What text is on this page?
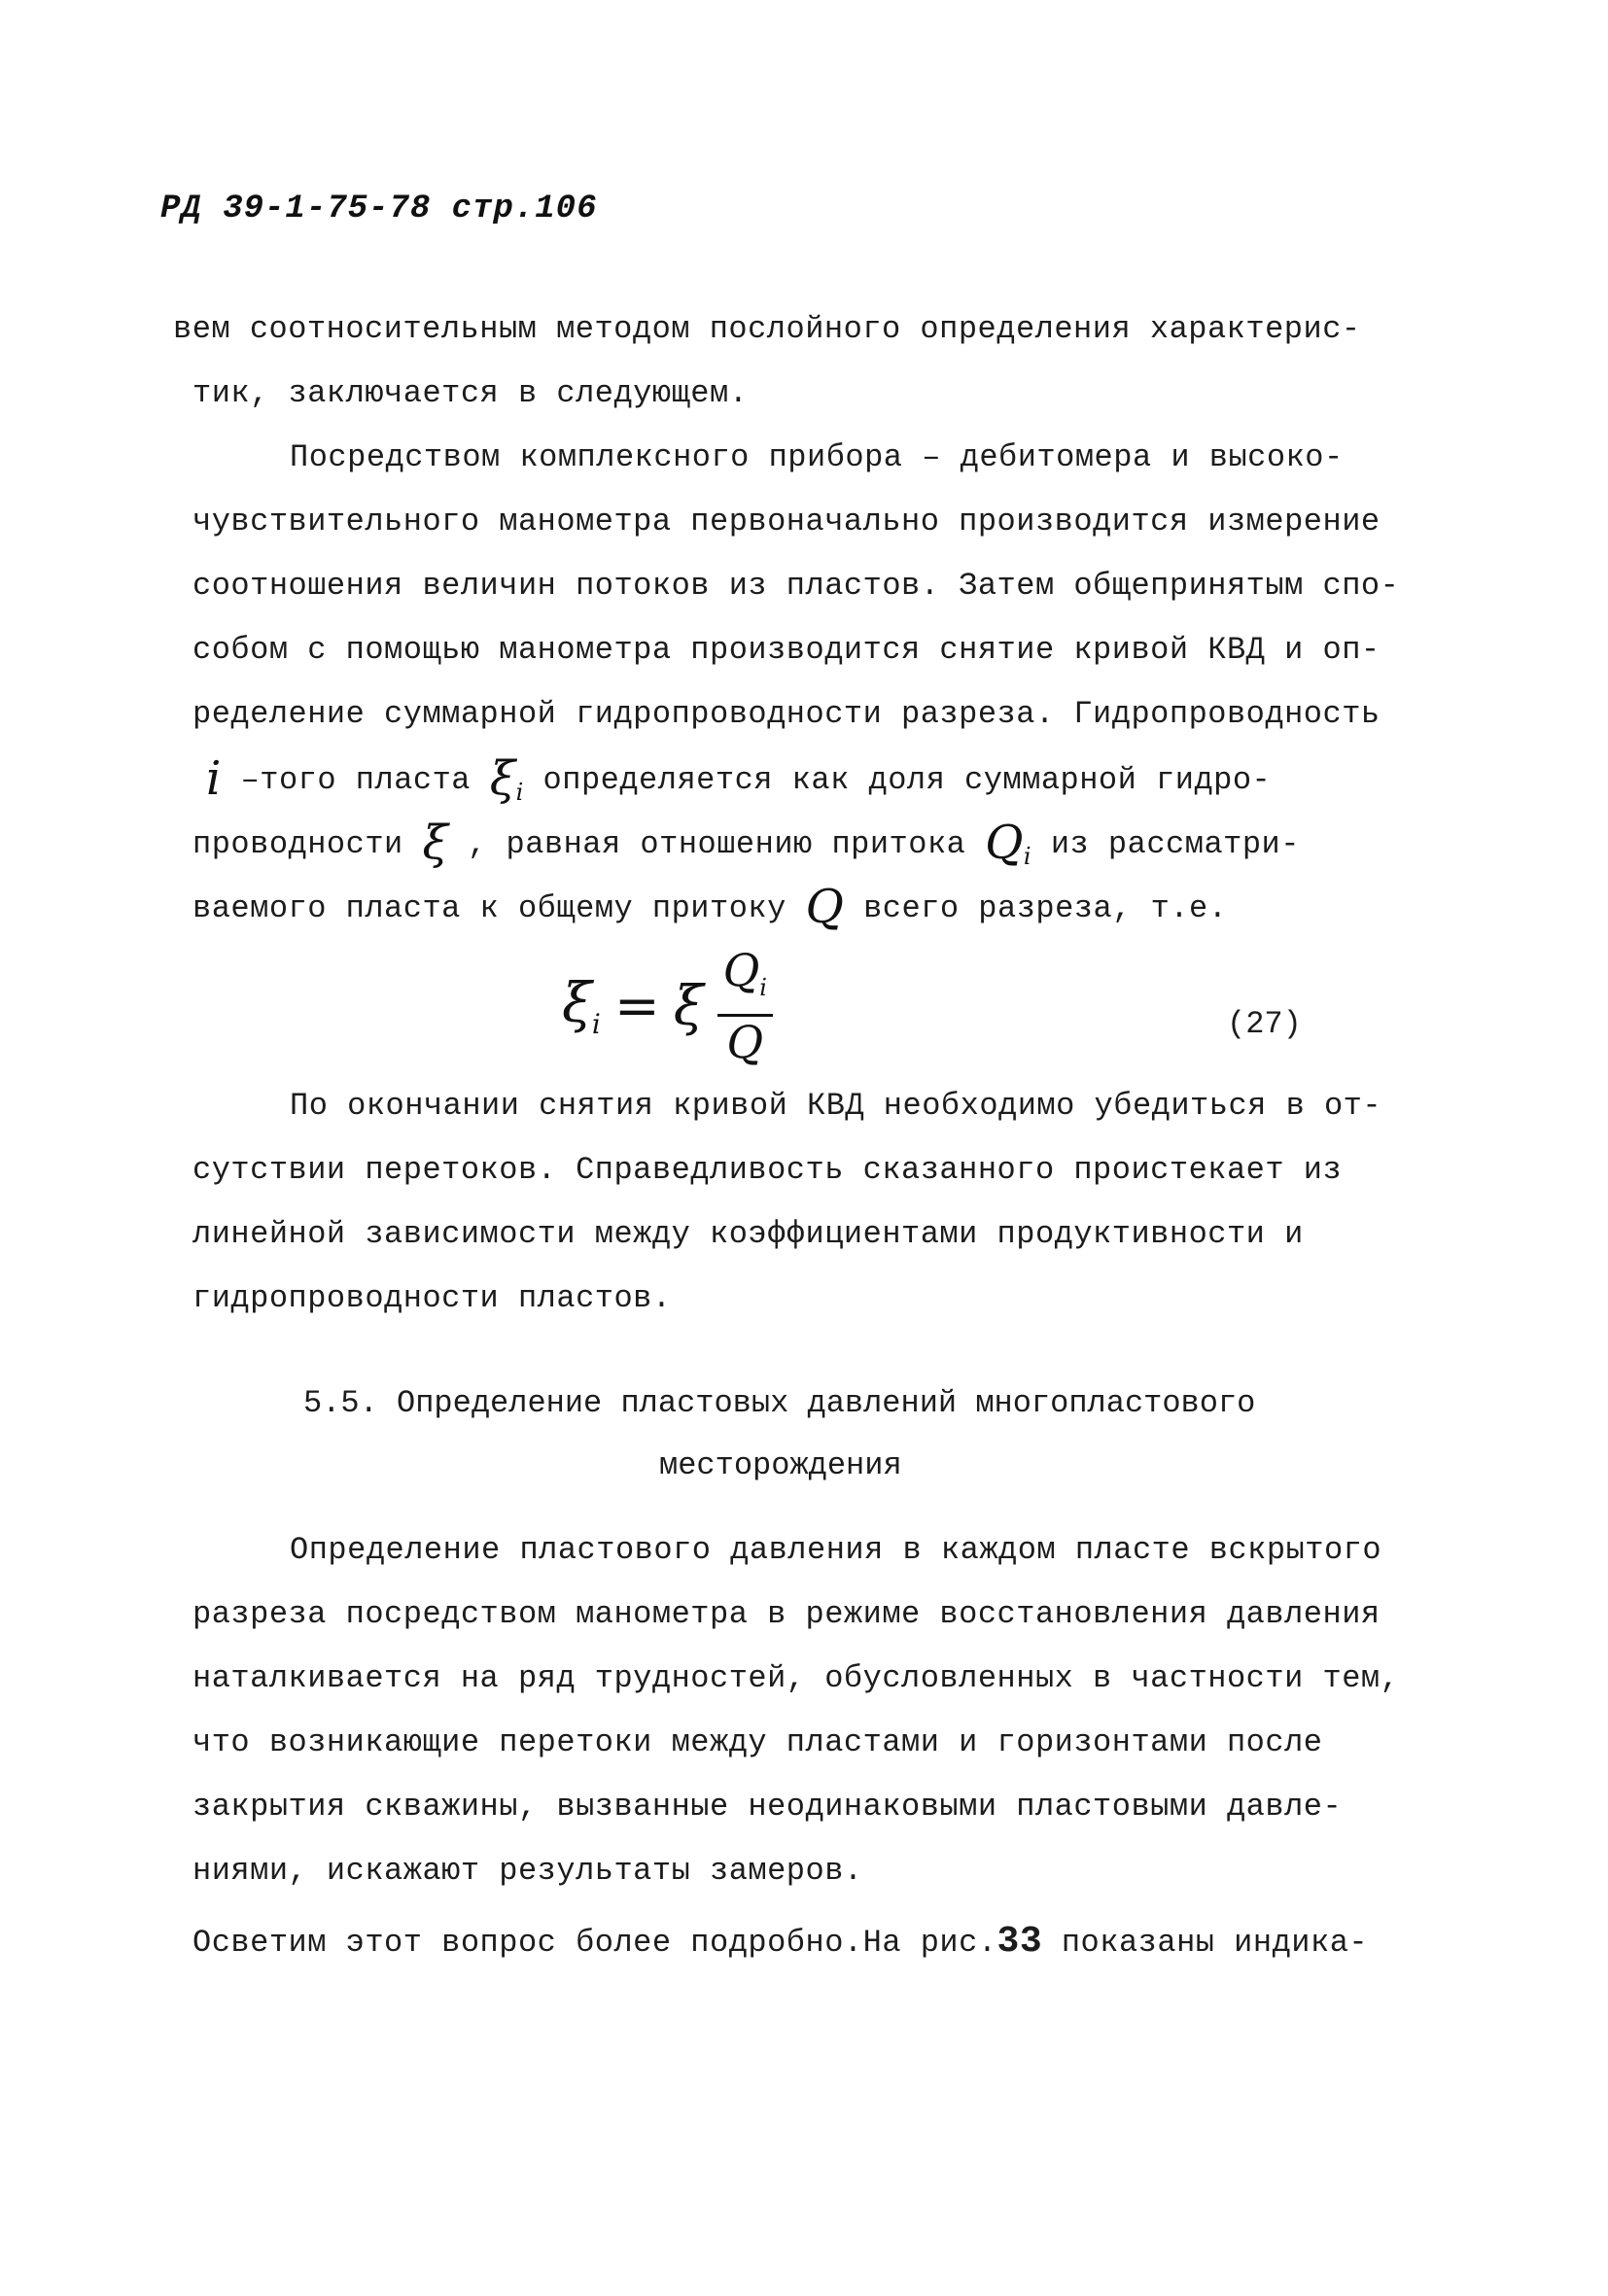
РД 39-1-75-78 стр.106
вем соотносительным методом послойного определения характерис-
тик, заключается в следующем.
Посредством комплексного прибора – дебитомера и высоко-
чувствительного манометра первоначально производится измерение
соотношения величин потоков из пластов. Затем общепринятым спо-
собом с помощью манометра производится снятие кривой КВД и оп-
ределение суммарной гидропроводности разреза. Гидропроводность
i –того пласта $\xi_i$ определяется как доля суммарной гидро-
проводности ξ , равная отношению притока $Q_i$ из рассматри-
ваемого пласта к общему притоку Q всего разреза, т.е.
$\xi_i = \xi \frac{Q_i}{Q}$	(27)
По окончании снятия кривой КВД необходимо убедиться в от-
сутствии перетоков. Справедливость сказанного проистекает из
линейной зависимости между коэффициентами продуктивности и
гидропроводности пластов.
5.5. Определение пластовых давлений многопластового
месторождения
Определение пластового давления в каждом пласте вскрытого
разреза посредством манометра в режиме восстановления давления
наталкивается на ряд трудностей, обусловленных в частности тем,
что возникающие перетоки между пластами и горизонтами после
закрытия скважины, вызванные неодинаковыми пластовыми давле-
ниями, искажают результаты замеров.
Осветим этот вопрос более подробно.На рис.33 показаны индика-
